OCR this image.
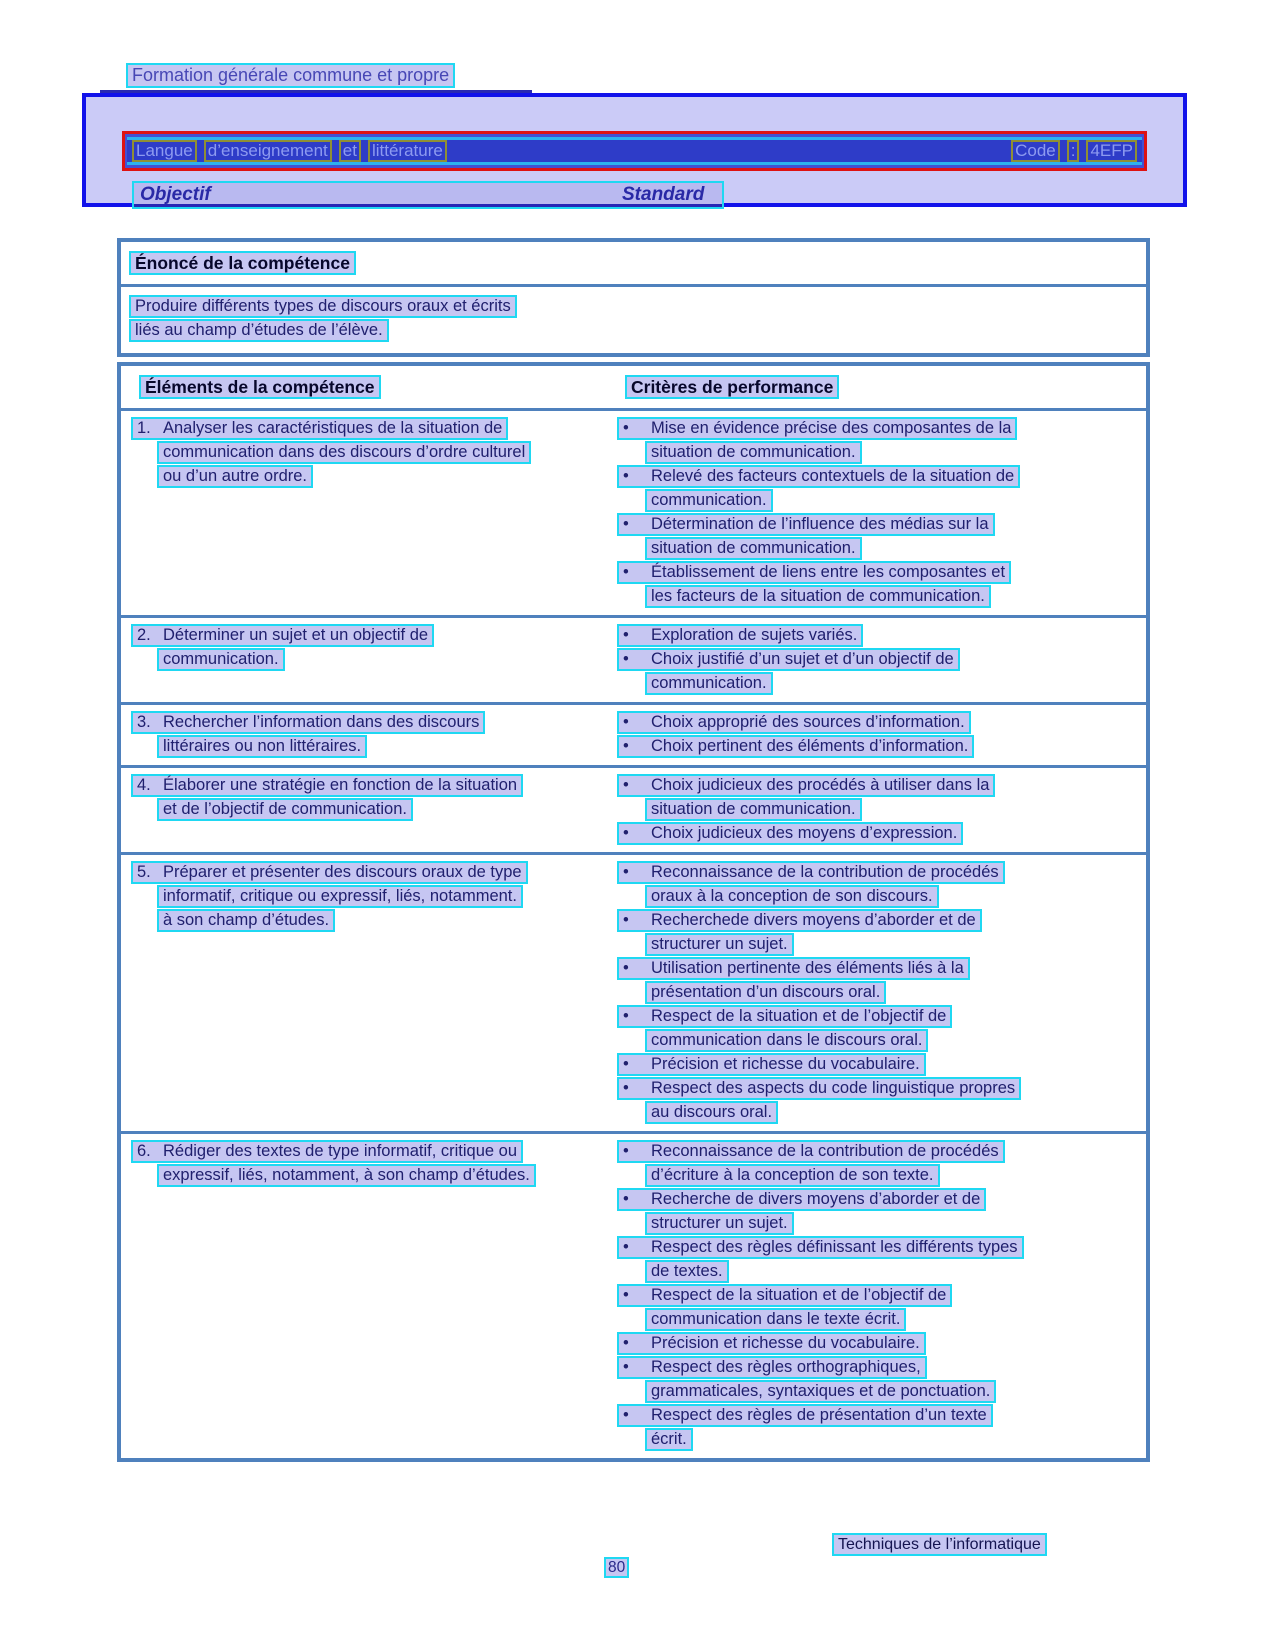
Formation générale commune et propre
Langue d’enseignement et littérature	Code : 4EFP
Objectif	Standard
Énoncé de la compétence
Produire différents types de discours oraux et écrits
liés au champ d’études de l’élève.
Éléments de la compétence	Critères de performance
1. Analyser les caractéristiques de la situation de
communication dans des discours d’ordre culturel
ou d’un autre ordre.
• Mise en évidence précise des composantes de la
situation de communication.
• Relevé des facteurs contextuels de la situation de
communication.
• Détermination de l’influence des médias sur la
situation de communication.
• Établissement de liens entre les composantes et
les facteurs de la situation de communication.
2. Déterminer un sujet et un objectif de
communication.
• Exploration de sujets variés.
• Choix justifié d’un sujet et d’un objectif de
communication.
3. Rechercher l’information dans des discours
littéraires ou non littéraires.
• Choix approprié des sources d’information.
• Choix pertinent des éléments d’information.
4. Élaborer une stratégie en fonction de la situation
et de l’objectif de communication.
• Choix judicieux des procédés à utiliser dans la
situation de communication.
• Choix judicieux des moyens d’expression.
5. Préparer et présenter des discours oraux de type
informatif, critique ou expressif, liés, notamment.
à son champ d’études.
• Reconnaissance de la contribution de procédés
oraux à la conception de son discours.
• Recherchede divers moyens d’aborder et de
structurer un sujet.
• Utilisation pertinente des éléments liés à la
présentation d’un discours oral.
• Respect de la situation et de l’objectif de
communication dans le discours oral.
• Précision et richesse du vocabulaire.
• Respect des aspects du code linguistique propres
au discours oral.
6. Rédiger des textes de type informatif, critique ou
expressif, liés, notamment, à son champ d’études.
• Reconnaissance de la contribution de procédés
d’écriture à la conception de son texte.
• Recherche de divers moyens d’aborder et de
structurer un sujet.
• Respect des règles définissant les différents types
de textes.
• Respect de la situation et de l’objectif de
communication dans le texte écrit.
• Précision et richesse du vocabulaire.
• Respect des règles orthographiques,
grammaticales, syntaxiques et de ponctuation.
• Respect des règles de présentation d’un texte
écrit.
Techniques de l’informatique
80
